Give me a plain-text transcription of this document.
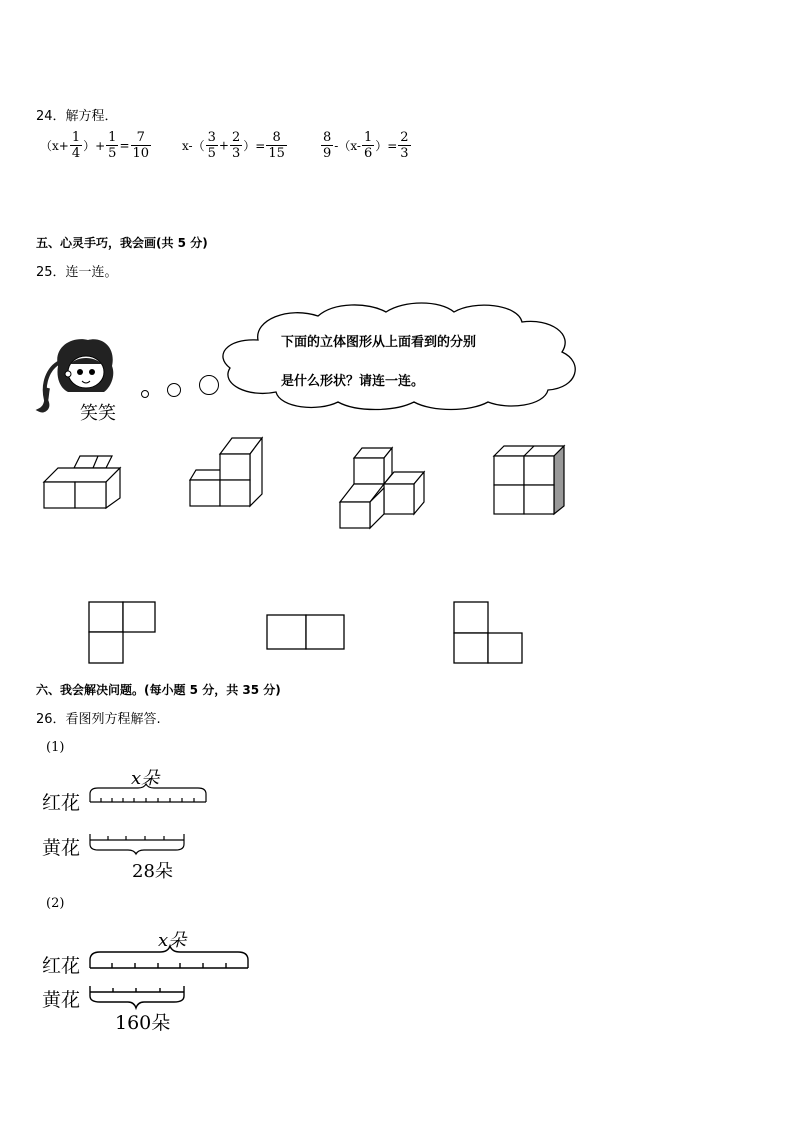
24．解方程．
（$x+ \frac{1}{4}$ ）+ $\frac{1}{5} = \frac{7}{10}$	$x-( \frac{3}{5} + \frac{2}{3}$ ）= $\frac{8}{15}$	$\frac{8}{9} -(x- \frac{1}{6}$ ）= $\frac{2}{3}$
五、心灵手巧，我会画(共 5 分)
25．连一连。
笑笑
下面的立体图形从上面看到的分别
是什么形状？请连一连。
六、我会解决问题。(每小题 5 分，共 35 分)
26．看图列方程解答.
(1)
x朵
红花
黄花
28朵
(2)
x朵
红花
黄花
160朵
